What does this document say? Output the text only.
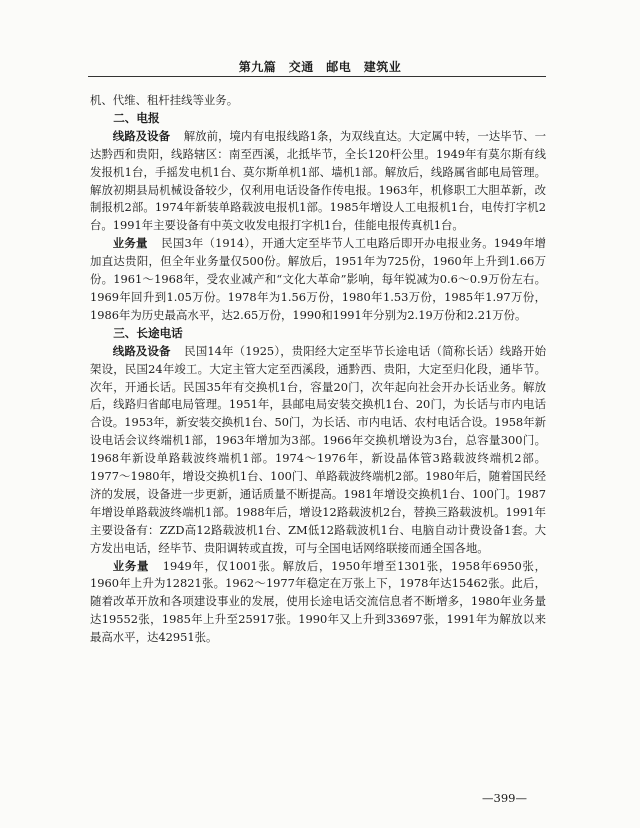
第九篇　交通　邮电　建筑业

机、代维、租杆挂线等业务。

二、电报

线路及设备 解放前，境内有电报线路1条，为双线直达。大定属中转，一达毕节、一达黔西和贵阳，线路辖区：南至西溪，北抵毕节，全长120杆公里。1949年有莫尔斯有线发报机1台，手摇发电机1台、莫尔斯单机1部、墙机1部。解放后，线路属省邮电局管理。解放初期县局机械设备较少，仅利用电话设备作传电报。1963年，机修职工大胆革新，改制报机2部。1974年新装单路载波电报机1部。1985年增设人工电报机1台，电传打字机2台。1991年主要设备有中英文收发电报打字机1台，佳能电报传真机1台。

业务量 民国3年（1914），开通大定至毕节人工电路后即开办电报业务。1949年增加直达贵阳，但全年业务量仅500份。解放后，1951年为725份，1960年上升到1.66万份。1961～1968年，受农业减产和“文化大革命”影响，每年锐减为0.6～0.9万份左右。1969年回升到1.05万份。1978年为1.56万份，1980年1.53万份，1985年1.97万份，1986年为历史最高水平，达2.65万份，1990和1991年分别为2.19万份和2.21万份。

三、长途电话

线路及设备 民国14年（1925），贵阳经大定至毕节长途电话（简称长话）线路开始架设，民国24年竣工。大定主管大定至西溪段，通黔西、贵阳，大定至归化段，通毕节。次年，开通长话。民国35年有交换机1台，容量20门，次年起向社会开办长话业务。解放后，线路归省邮电局管理。1951年，县邮电局安装交换机1台、20门，为长话与市内电话合设。1953年，新安装交换机1台、50门，为长话、市内电话、农村电话合设。1958年新设电话会议终端机1部，1963年增加为3部。1966年交换机增设为3台，总容量300门。1968年新设单路载波终端机1部。1974～1976年，新设晶体管3路载波终端机2部。1977～1980年，增设交换机1台、100门、单路载波终端机2部。1980年后，随着国民经济的发展，设备进一步更新，通话质量不断提高。1981年增设交换机1台、100门。1987年增设单路载波终端机1部。1988年后，增设12路载波机2台，替换三路载波机。1991年主要设备有：ZZD高12路载波机1台、ZM低12路载波机1台、电脑自动计费设备1套。大方发出电话，经毕节、贵阳调转或直拨，可与全国电话网络联接而通全国各地。

业务量 1949年，仅1001张。解放后，1950年增至1301张，1958年6950张，1960年上升为12821张。1962～1977年稳定在万张上下，1978年达15462张。此后，随着改革开放和各项建设事业的发展，使用长途电话交流信息者不断增多，1980年业务量达19552张，1985年上升至25917张。1990年又上升到33697张，1991年为解放以来最高水平，达42951张。

—399—
